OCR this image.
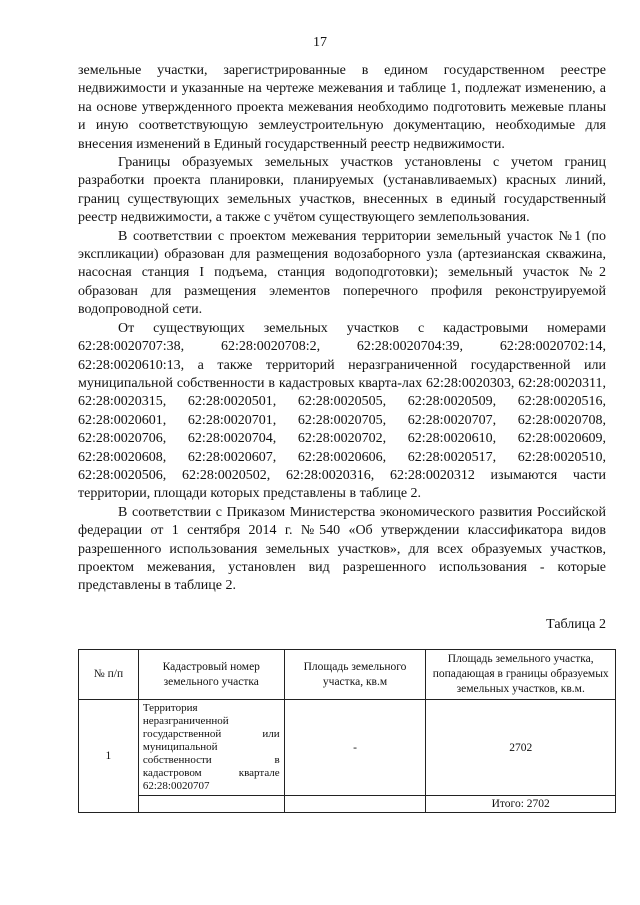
17

земельные участки, зарегистрированные в едином государственном реестре недвижимости и указанные на чертеже межевания и таблице 1, подлежат изменению, а на основе утвержденного проекта межевания необходимо подготовить межевые планы и иную соответствующую землеустроительную документацию, необходимые для внесения изменений в Единый государственный реестр недвижимости.

Границы образуемых земельных участков установлены с учетом границ разработки проекта планировки, планируемых (устанавливаемых) красных линий, границ существующих земельных участков, внесенных в единый государственный реестр недвижимости, а также с учётом существующего землепользования.

В соответствии с проектом межевания территории земельный участок №1 (по экспликации) образован для размещения водозаборного узла (артезианская скважина, насосная станция I подъема, станция водоподготовки); земельный участок №2 образован для размещения элементов поперечного профиля реконструируемой водопроводной сети.

От существующих земельных участков с кадастровыми номерами 62:28:0020707:38, 62:28:0020708:2, 62:28:0020704:39, 62:28:0020702:14, 62:28:0020610:13, а также территорий неразграниченной государственной или муниципальной собственности в кадастровых кварта-лах 62:28:0020303, 62:28:0020311, 62:28:0020315, 62:28:0020501, 62:28:0020505, 62:28:0020509, 62:28:0020516, 62:28:0020601, 62:28:0020701, 62:28:0020705, 62:28:0020707, 62:28:0020708, 62:28:0020706, 62:28:0020704, 62:28:0020702, 62:28:0020610, 62:28:0020609, 62:28:0020608, 62:28:0020607, 62:28:0020606, 62:28:0020517, 62:28:0020510, 62:28:0020506, 62:28:0020502, 62:28:0020316, 62:28:0020312 изымаются части территории, площади которых представлены в таблице 2.

В соответствии с Приказом Министерства экономического развития Российской федерации от 1 сентября 2014 г. №540 «Об утверждении классификатора видов разрешенного использования земельных участков», для всех образуемых участков, проектом межевания, установлен вид разрешенного использования - которые представлены в таблице 2.

Таблица 2
№ п/п	Кадастровый номер земельного участка	Площадь земельного участка, кв.м	Площадь земельного участка, попадающая в границы образуемых земельных участков, кв.м.
1	Территория неразграниченной государственной или муниципальной собственности в кадастровом квартале 62:28:0020707	-	2702
			Итого: 2702
